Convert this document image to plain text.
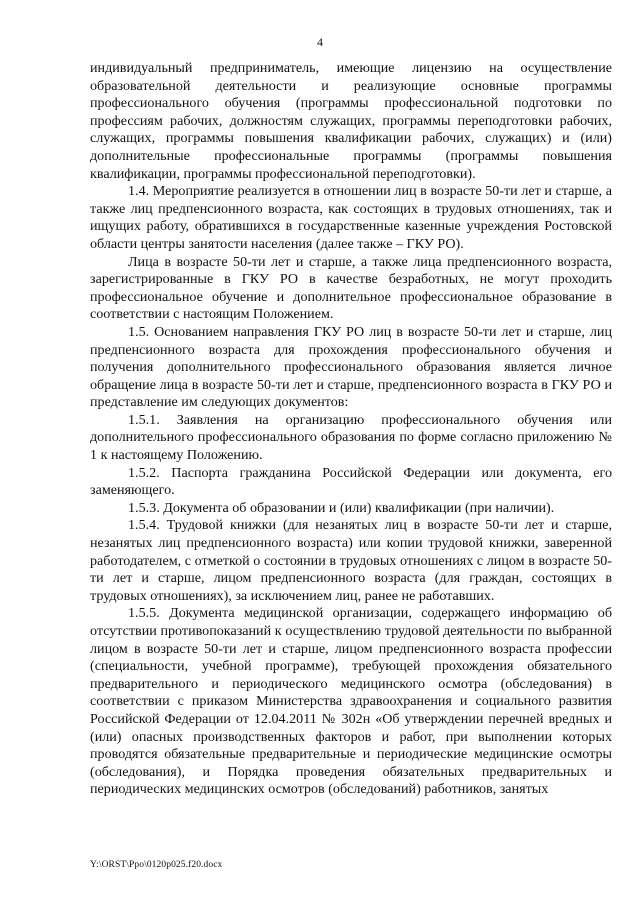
4

индивидуальный предприниматель, имеющие лицензию на осуществление образовательной деятельности и реализующие основные программы профессионального обучения (программы профессиональной подготовки по профессиям рабочих, должностям служащих, программы переподготовки рабочих, служащих, программы повышения квалификации рабочих, служащих) и (или) дополнительные профессиональные программы (программы повышения квалификации, программы профессиональной переподготовки).

1.4. Мероприятие реализуется в отношении лиц в возрасте 50-ти лет и старше, а также лиц предпенсионного возраста, как состоящих в трудовых отношениях, так и ищущих работу, обратившихся в государственные казенные учреждения Ростовской области центры занятости населения (далее также – ГКУ РО).

Лица в возрасте 50-ти лет и старше, а также лица предпенсионного возраста, зарегистрированные в ГКУ РО в качестве безработных, не могут проходить профессиональное обучение и дополнительное профессиональное образование в соответствии с настоящим Положением.

1.5. Основанием направления ГКУ РО лиц в возрасте 50-ти лет и старше, лиц предпенсионного возраста для прохождения профессионального обучения и получения дополнительного профессионального образования является личное обращение лица в возрасте 50-ти лет и старше, предпенсионного возраста в ГКУ РО и представление им следующих документов:

1.5.1. Заявления на организацию профессионального обучения или дополнительного профессионального образования по форме согласно приложению № 1 к настоящему Положению.

1.5.2. Паспорта гражданина Российской Федерации или документа, его заменяющего.

1.5.3. Документа об образовании и (или) квалификации (при наличии).

1.5.4. Трудовой книжки (для незанятых лиц в возрасте 50-ти лет и старше, незанятых лиц предпенсионного возраста) или копии трудовой книжки, заверенной работодателем, с отметкой о состоянии в трудовых отношениях с лицом в возрасте 50-ти лет и старше, лицом предпенсионного возраста (для граждан, состоящих в трудовых отношениях), за исключением лиц, ранее не работавших.

1.5.5. Документа медицинской организации, содержащего информацию об отсутствии противопоказаний к осуществлению трудовой деятельности по выбранной лицом в возрасте 50-ти лет и старше, лицом предпенсионного возраста профессии (специальности, учебной программе), требующей прохождения обязательного предварительного и периодического медицинского осмотра (обследования) в соответствии с приказом Министерства здравоохранения и социального развития Российской Федерации от 12.04.2011 № 302н «Об утверждении перечней вредных и (или) опасных производственных факторов и работ, при выполнении которых проводятся обязательные предварительные и периодические медицинские осмотры (обследования), и Порядка проведения обязательных предварительных и периодических медицинских осмотров (обследований) работников, занятых

Y:\ORST\Ppo\0120p025.f20.docx
